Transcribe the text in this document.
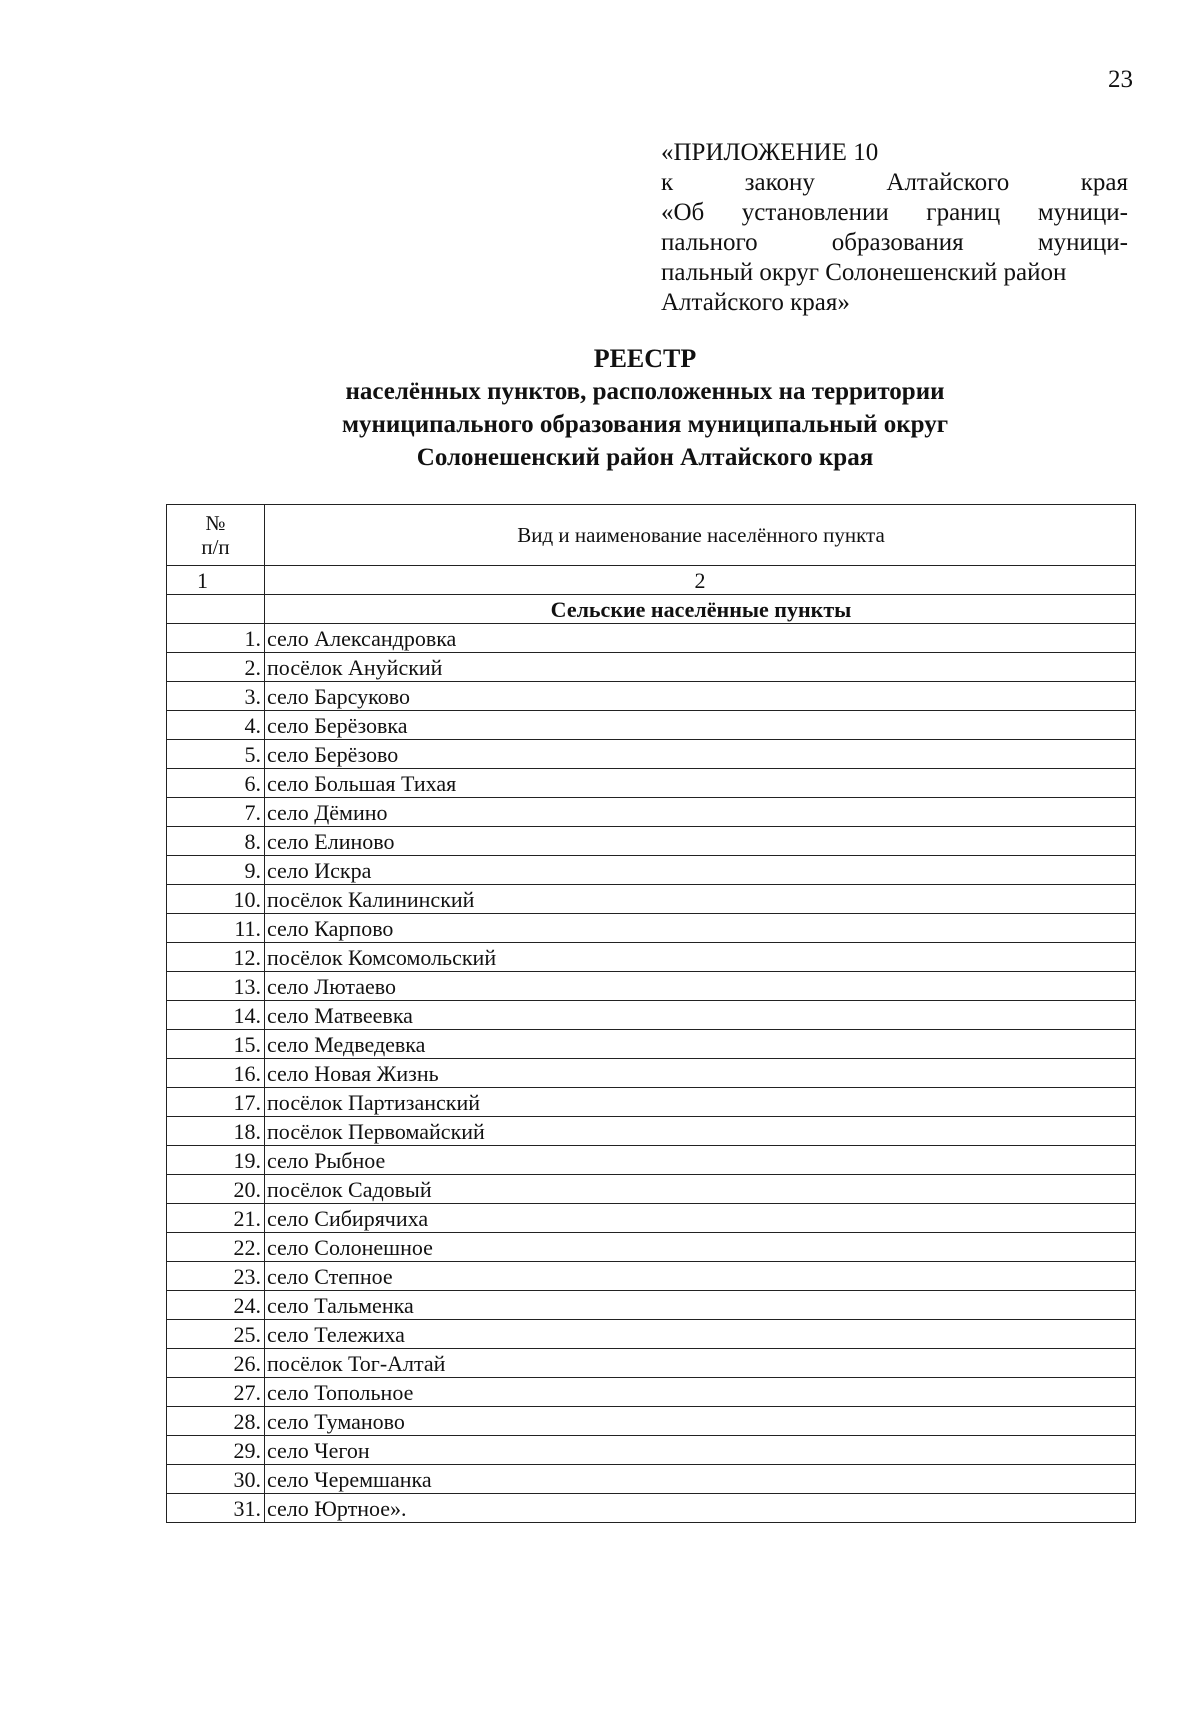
23
«ПРИЛОЖЕНИЕ 10
к закону Алтайского края
«Об установлении границ муници-
пального образования муници-
пальный округ Солонешенский район
Алтайского края»
РЕЕСТР
населённых пунктов, расположенных на территории
муниципального образования муниципальный округ
Солонешенский район Алтайского края
№
п/п	Вид и наименование населённого пункта
1	2
	Сельские населённые пункты
1.	село Александровка
2.	посёлок Ануйский
3.	село Барсуково
4.	село Берёзовка
5.	село Берёзово
6.	село Большая Тихая
7.	село Дёмино
8.	село Елиново
9.	село Искра
10.	посёлок Калининский
11.	село Карпово
12.	посёлок Комсомольский
13.	село Лютаево
14.	село Матвеевка
15.	село Медведевка
16.	село Новая Жизнь
17.	посёлок Партизанский
18.	посёлок Первомайский
19.	село Рыбное
20.	посёлок Садовый
21.	село Сибирячиха
22.	село Солонешное
23.	село Степное
24.	село Тальменка
25.	село Тележиха
26.	посёлок Тог-Алтай
27.	село Топольное
28.	село Туманово
29.	село Чегон
30.	село Черемшанка
31.	село Юртное».
